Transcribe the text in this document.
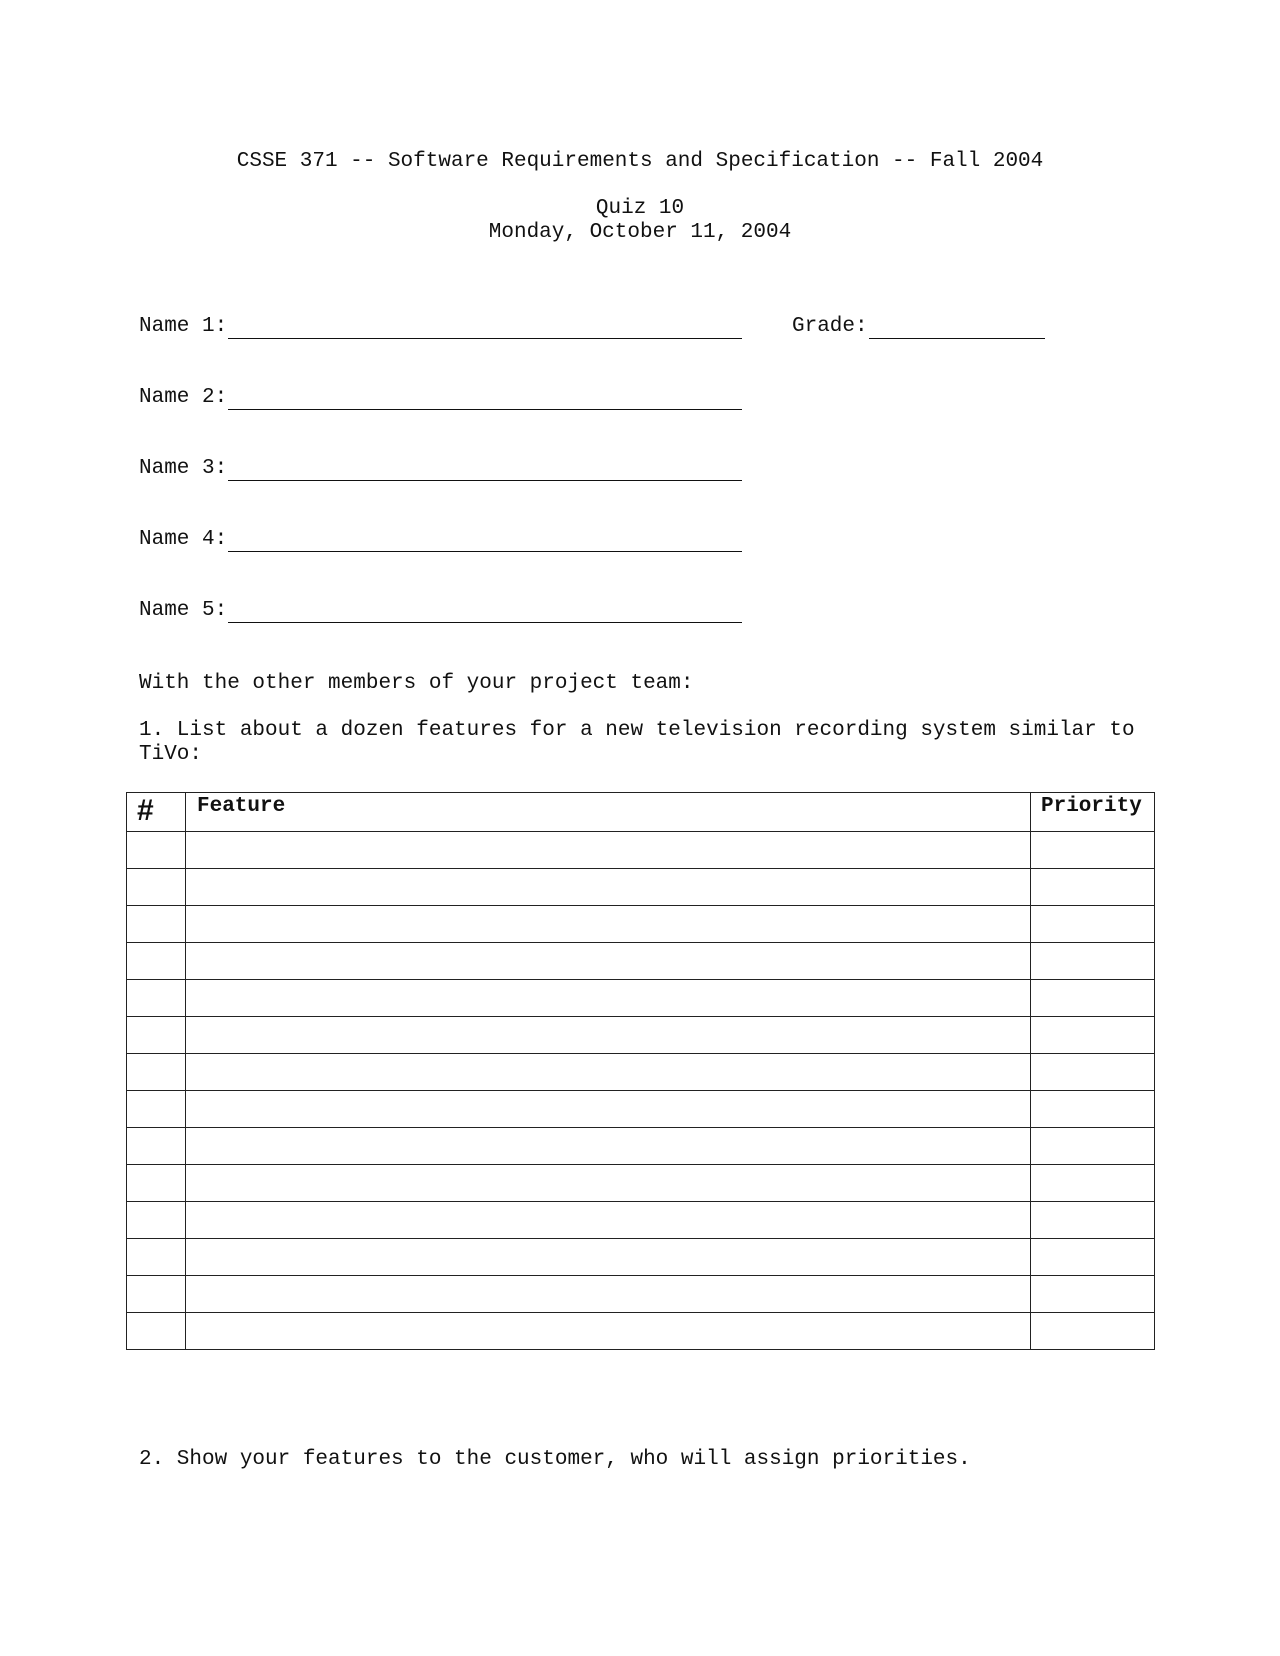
CSSE 371 -- Software Requirements and Specification -- Fall 2004
Quiz 10
Monday, October 11, 2004
Name 1:	Grade:
Name 2:
Name 3:
Name 4:
Name 5:
With the other members of your project team:
1. List about a dozen features for a new television recording system similar to
TiVo:
#	Feature	Priority

2. Show your features to the customer, who will assign priorities.
